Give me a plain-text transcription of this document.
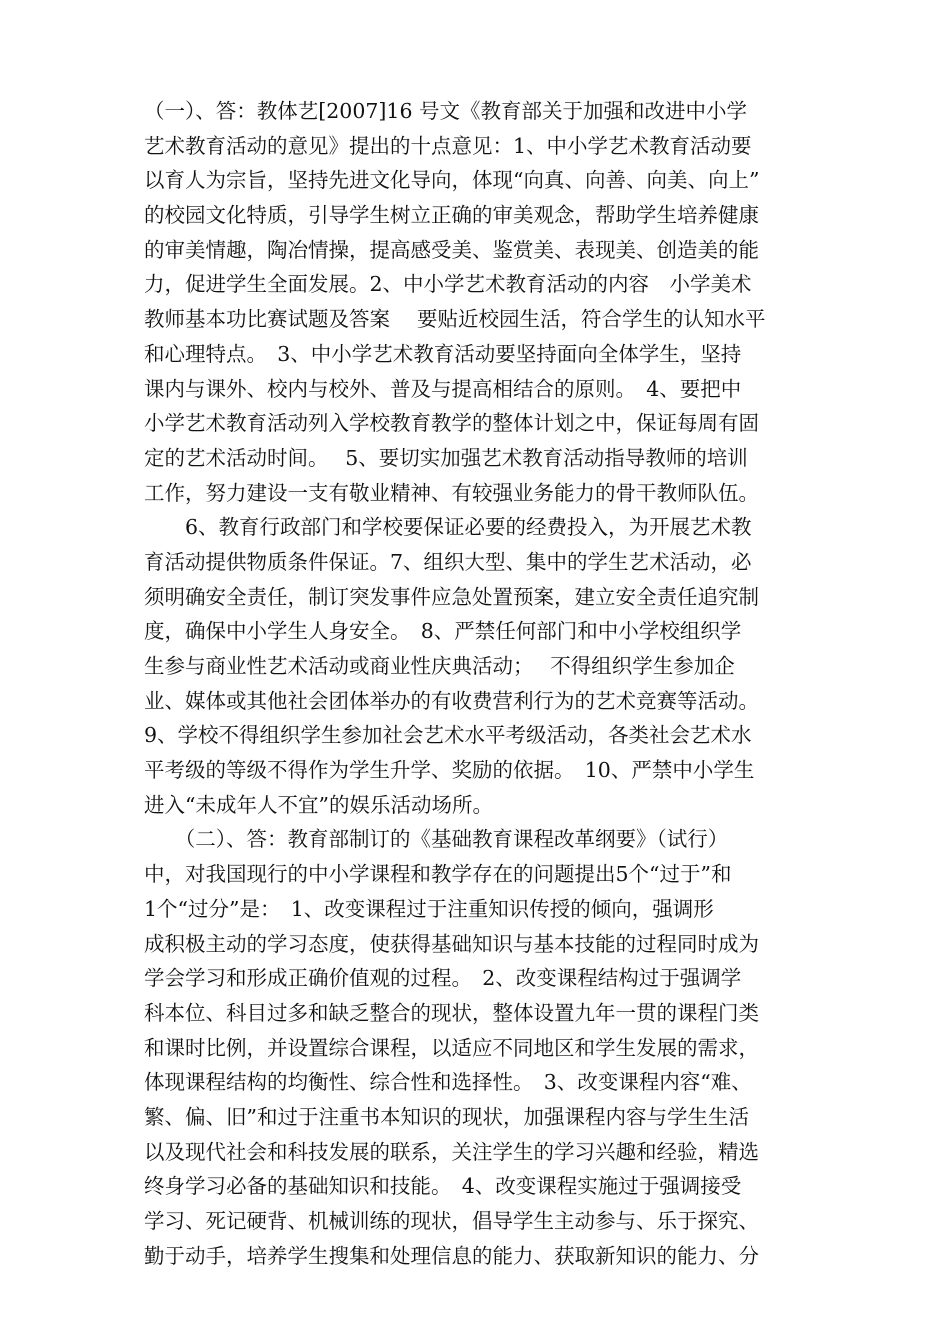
（一）、答：教体艺[2007]16 号文《教育部关于加强和改进中小学
艺术教育活动的意见》提出的十点意见：1、中小学艺术教育活动要
以育人为宗旨，坚持先进文化导向，体现“向真、向善、向美、向上”
的校园文化特质，引导学生树立正确的审美观念，帮助学生培养健康
的审美情趣，陶冶情操，提高感受美、鉴赏美、表现美、创造美的能
力，促进学生全面发展。2、中小学艺术教育活动的内容　小学美术
教师基本功比赛试题及答案　 要贴近校园生活，符合学生的认知水平
和心理特点。　3、中小学艺术教育活动要坚持面向全体学生，坚持
课内与课外、校内与校外、普及与提高相结合的原则。　4、要把中
小学艺术教育活动列入学校教育教学的整体计划之中，保证每周有固
定的艺术活动时间。　 5、要切实加强艺术教育活动指导教师的培训
工作，努力建设一支有敬业精神、有较强业务能力的骨干教师队伍。
　　6、教育行政部门和学校要保证必要的经费投入，为开展艺术教
育活动提供物质条件保证。7、组织大型、集中的学生艺术活动，必
须明确安全责任，制订突发事件应急处置预案，建立安全责任追究制
度，确保中小学生人身安全。　8、严禁任何部门和中小学校组织学
生参与商业性艺术活动或商业性庆典活动；　 不得组织学生参加企
业、媒体或其他社会团体举办的有收费营利行为的艺术竞赛等活动。
9、学校不得组织学生参加社会艺术水平考级活动，各类社会艺术水
平考级的等级不得作为学生升学、奖励的依据。　10、严禁中小学生
进入“未成年人不宜”的娱乐活动场所。
　　（二）、答：教育部制订的《基础教育课程改革纲要》（试行）
中，对我国现行的中小学课程和教学存在的问题提出5个“过于”和
1个“过分”是：　1、改变课程过于注重知识传授的倾向，强调形
成积极主动的学习态度，使获得基础知识与基本技能的过程同时成为
学会学习和形成正确价值观的过程。　2、改变课程结构过于强调学
科本位、科目过多和缺乏整合的现状，整体设置九年一贯的课程门类
和课时比例，并设置综合课程，以适应不同地区和学生发展的需求，
体现课程结构的均衡性、综合性和选择性。　3、改变课程内容“难、
繁、偏、旧”和过于注重书本知识的现状，加强课程内容与学生生活
以及现代社会和科技发展的联系，关注学生的学习兴趣和经验，精选
终身学习必备的基础知识和技能。　4、改变课程实施过于强调接受
学习、死记硬背、机械训练的现状，倡导学生主动参与、乐于探究、
勤于动手，培养学生搜集和处理信息的能力、获取新知识的能力、分
